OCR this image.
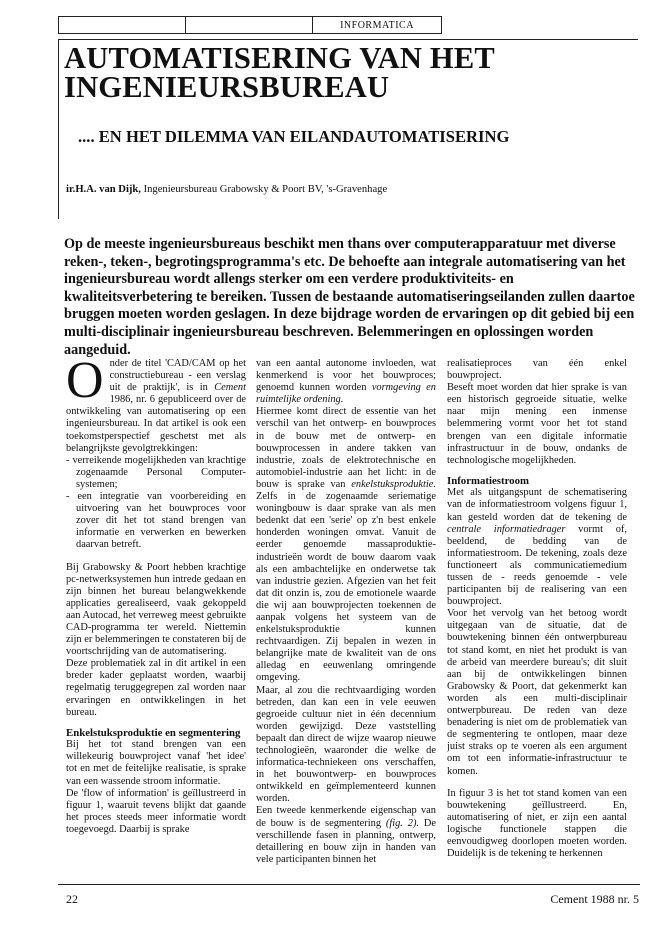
INFORMATICA
AUTOMATISERING VAN HET INGENIEURSBUREAU
.... EN HET DILEMMA VAN EILANDAUTOMATISERING

ir.H.A. van Dijk, Ingenieursbureau Grabowsky & Poort BV, 's-Gravenhage

Op de meeste ingenieursbureaus beschikt men thans over computerapparatuur met diverse reken-, teken-, begrotingsprogramma's etc. De behoefte aan integrale automatisering van het ingenieursbureau wordt allengs sterker om een verdere produktiviteits- en kwaliteitsverbetering te bereiken. Tussen de bestaande automatiseringseilanden zullen daartoe bruggen moeten worden geslagen. In deze bijdrage worden de ervaringen op dit gebied bij een multi-disciplinair ingenieursbureau beschreven. Belemmeringen en oplossingen worden aangeduid.

Onder de titel 'CAD/CAM op het constructiebureau - een verslag uit de praktijk', is in Cement 1986, nr. 6 gepubliceerd over de ontwikkeling van automatisering op een ingenieursbureau. In dat artikel is ook een toekomstperspectief geschetst met als belangrijkste gevolgtrekkingen:

- verreikende mogelijkheden van krachtige zogenaamde Personal Computer-systemen;
- een integratie van voorbereiding en uitvoering van het bouwproces voor zover dit het tot stand brengen van informatie en verwerken en bewerken daarvan betreft.

Bij Grabowsky & Poort hebben krachtige pc-netwerksystemen hun intrede gedaan en zijn binnen het bureau belangwekkende applicaties gerealiseerd, vaak gekoppeld aan Autocad, het verreweg meest gebruikte CAD-programma ter wereld. Niettemin zijn er belemmeringen te constateren bij de voortschrijding van de automatisering.

Deze problematiek zal in dit artikel in een breder kader geplaatst worden, waarbij regelmatig teruggegrepen zal worden naar ervaringen en ontwikkelingen in het bureau.

Enkelstuksproduktie en segmentering

Bij het tot stand brengen van een willekeurig bouwproject vanaf 'het idee' tot en met de feitelijke realisatie, is sprake van een wassende stroom informatie.

De 'flow of information' is geïllustreerd in figuur 1, waaruit tevens blijkt dat gaande het proces steeds meer informatie wordt toegevoegd. Daarbij is sprake

van een aantal autonome invloeden, wat kenmerkend is voor het bouwproces; genoemd kunnen worden vormgeving en ruimtelijke ordening.

Hiermee komt direct de essentie van het verschil van het ontwerp- en bouwproces in de bouw met de ontwerp- en bouwprocessen in andere takken van industrie, zoals de elektrotechnische en automobiel-industrie aan het licht: in de bouw is sprake van enkelstuksproduktie. Zelfs in de zogenaamde seriematige woningbouw is daar sprake van als men bedenkt dat een 'serie' op z'n best enkele honderden woningen omvat. Vanuit de eerder genoemde massaproduktie-industrieën wordt de bouw daarom vaak als een ambachtelijke en onderwetse tak van industrie gezien. Afgezien van het feit dat dit onzin is, zou de emotionele waarde die wij aan bouwprojecten toekennen de aanpak volgens het systeem van de enkelstuksproduktie kunnen rechtvaardigen. Zij bepalen in wezen in belangrijke mate de kwaliteit van de ons alledag en eeuwenlang omringende omgeving.

Maar, al zou die rechtvaardiging worden betreden, dan kan een in vele eeuwen gegroeide cultuur niet in één decennium worden gewijzigd. Deze vaststelling bepaalt dan direct de wijze waarop nieuwe technologieën, waaronder die welke de informatica-techniekeen ons verschaffen, in het bouwontwerp- en bouwproces ontwikkeld en geïmplementeerd kunnen worden.

Een tweede kenmerkende eigenschap van de bouw is de segmentering (fig. 2). De verschillende fasen in planning, ontwerp, detaillering en bouw zijn in handen van vele participanten binnen het

realisatieproces van één enkel bouwproject.

Beseft moet worden dat hier sprake is van een historisch gegroeide situatie, welke naar mijn mening een inmense belemmering vormt voor het tot stand brengen van een digitale informatie infrastructuur in de bouw, ondanks de technologische mogelijkheden.

Informatiestroom

Met als uitgangspunt de schematisering van de informatiestroom volgens figuur 1, kan gesteld worden dat de tekening de centrale informatiedrager vormt of, beeldend, de bedding van de informatiestroom. De tekening, zoals deze functioneert als communicatiemedium tussen de - reeds genoemde - vele participanten bij de realisering van een bouwproject.

Voor het vervolg van het betoog wordt uitgegaan van de situatie, dat de bouwtekening binnen één ontwerpbureau tot stand komt, en niet het produkt is van de arbeid van meerdere bureau's; dit sluit aan bij de ontwikkelingen binnen Grabowsky & Poort, dat gekenmerkt kan worden als een multi-disciplinair ontwerpbureau. De reden van deze benadering is niet om de problematiek van de segmentering te ontlopen, maar deze juist straks op te voeren als een argument om tot een informatie-infrastructuur te komen.

In figuur 3 is het tot stand komen van een bouwtekening geïllustreerd. En, automatisering of niet, er zijn een aantal logische functionele stappen die eenvoudigweg doorlopen moeten worden. Duidelijk is de tekening te herkennen

22	Cement 1988 nr. 5
